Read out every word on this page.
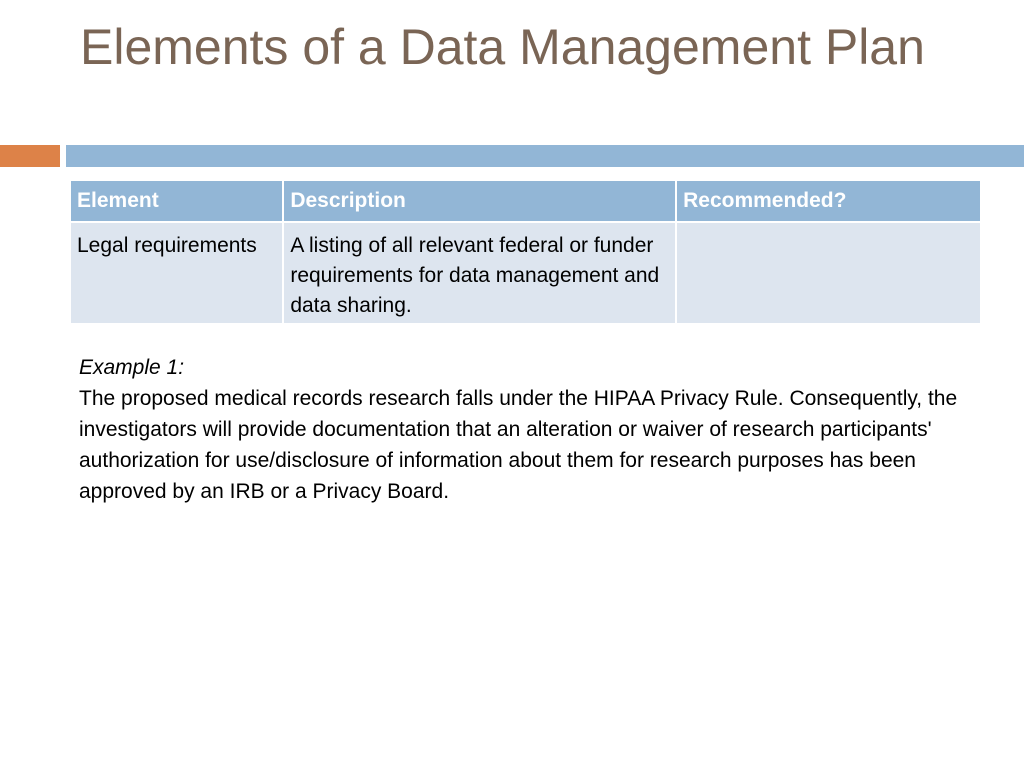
Elements of a Data Management Plan
Element	Description	Recommended?
Legal requirements	A listing of all relevant federal or funder requirements for data management and data sharing.	
Example 1:
The proposed medical records research falls under the HIPAA Privacy Rule. Consequently, the investigators will provide documentation that an alteration or waiver of research participants' authorization for use/disclosure of information about them for research purposes has been approved by an IRB or a Privacy Board.
